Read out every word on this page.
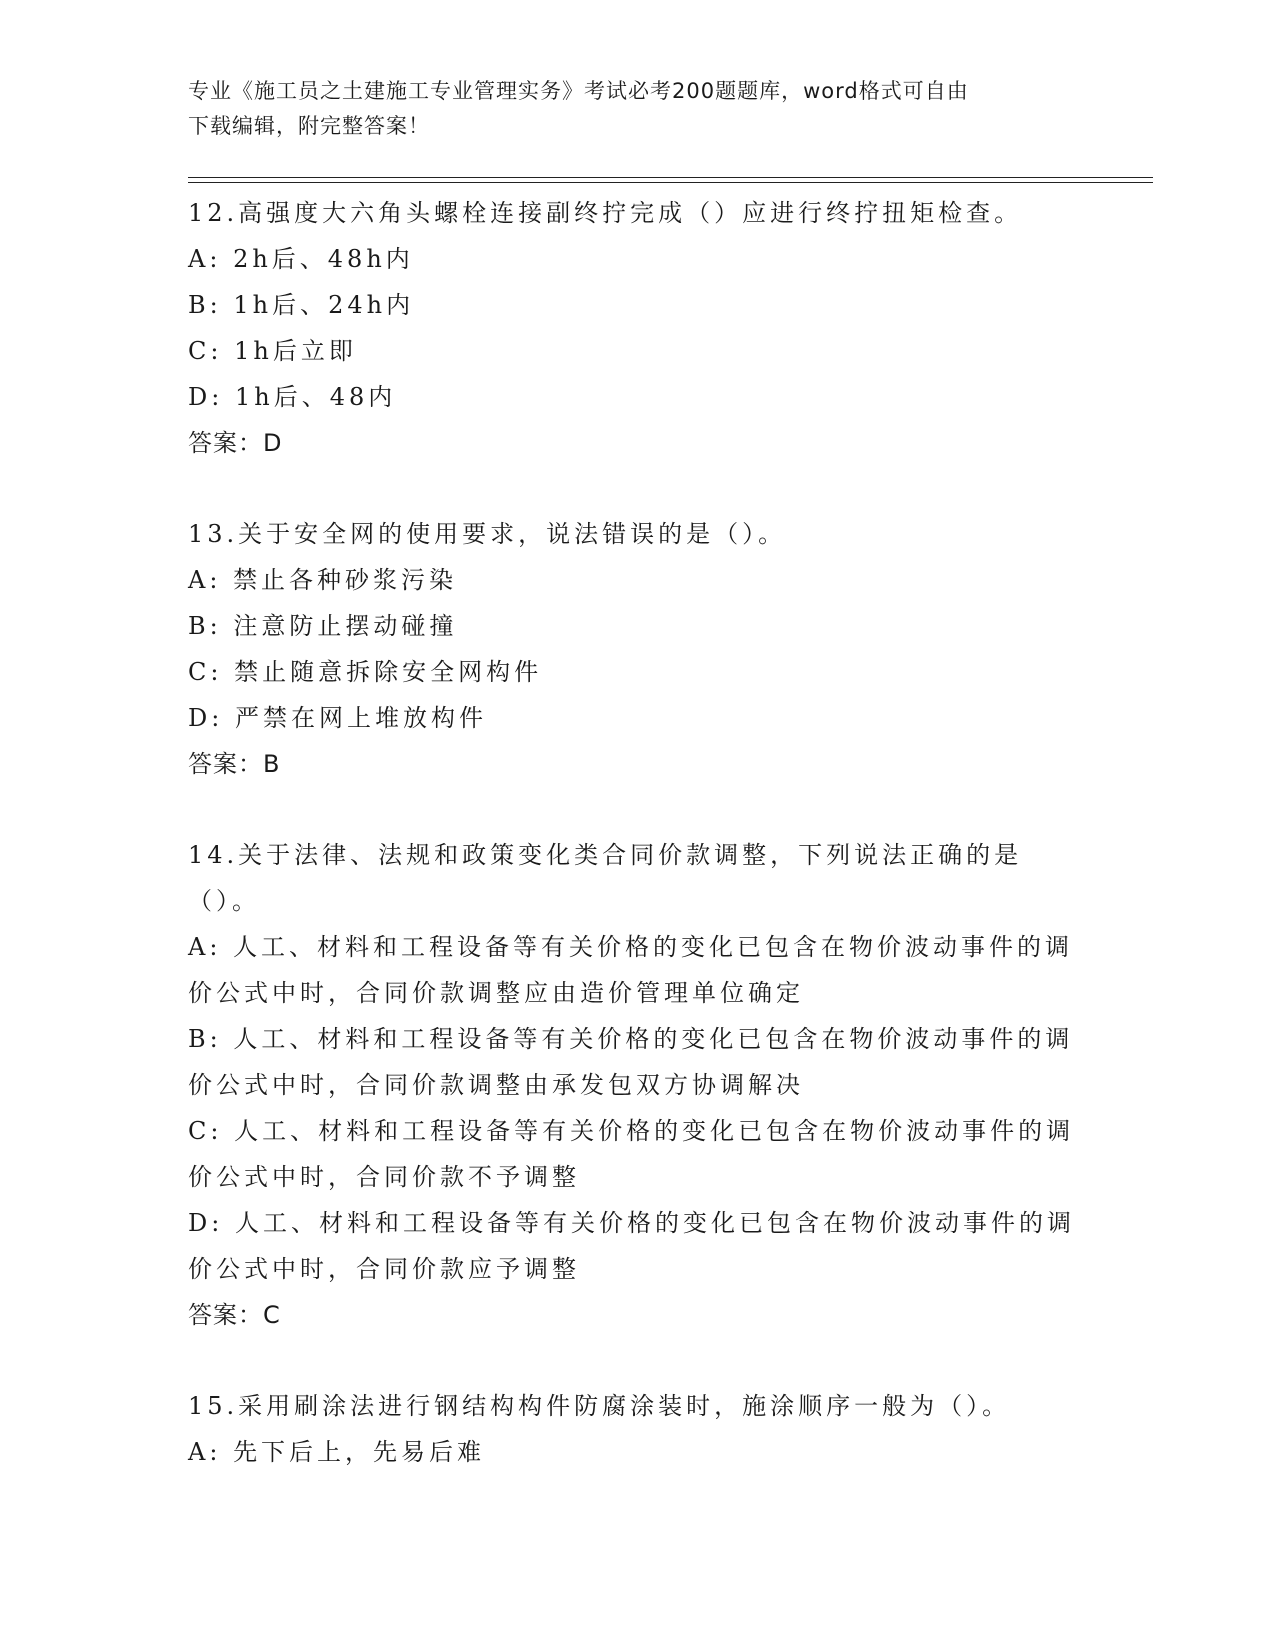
专业《施工员之土建施工专业管理实务》考试必考200题题库，word格式可自由
下载编辑，附完整答案！
12.高强度大六角头螺栓连接副终拧完成（）应进行终拧扭矩检查。
A: 2h后、48h内
B: 1h后、24h内
C: 1h后立即
D: 1h后、48内
答案：D
13.关于安全网的使用要求，说法错误的是（）。
A: 禁止各种砂浆污染
B: 注意防止摆动碰撞
C: 禁止随意拆除安全网构件
D: 严禁在网上堆放构件
答案：B
14.关于法律、法规和政策变化类合同价款调整，下列说法正确的是（）。
A: 人工、材料和工程设备等有关价格的变化已包含在物价波动事件的调价公式中时，合同价款调整应由造价管理单位确定
B: 人工、材料和工程设备等有关价格的变化已包含在物价波动事件的调价公式中时，合同价款调整由承发包双方协调解决
C: 人工、材料和工程设备等有关价格的变化已包含在物价波动事件的调价公式中时，合同价款不予调整
D: 人工、材料和工程设备等有关价格的变化已包含在物价波动事件的调价公式中时，合同价款应予调整
答案：C
15.采用刷涂法进行钢结构构件防腐涂装时，施涂顺序一般为（）。
A: 先下后上，先易后难
